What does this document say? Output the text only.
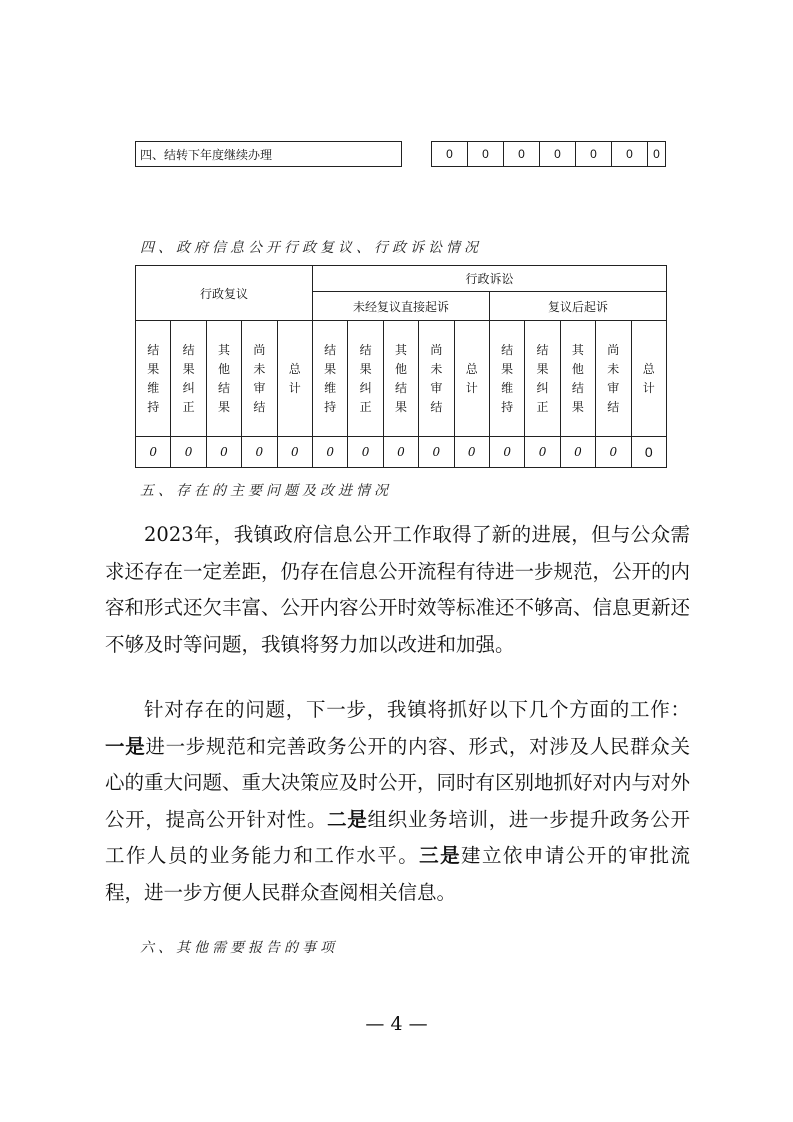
四、结转下年度继续办理		0	0	0	0	0	0	0

四、政府信息公开行政复议、行政诉讼情况

行政复议					行政诉讼									
					未经复议直接起诉					复议后起诉				

结
果
维
持	结
果
纠
正	其
他
结
果	尚
未
审
结	总
计	结
果
维
持	结
果
纠
正	其
他
结
果	尚
未
审
结	总
计	结
果
维
持	结
果
纠
正	其
他
结
果	尚
未
审
结	总
计

0	0	0	0	0	0	0	0	0	0	0	0	0	0	0

五、存在的主要问题及改进情况

2023年，我镇政府信息公开工作取得了新的进展，但与公众需求还存在一定差距，仍存在信息公开流程有待进一步规范，公开的内容和形式还欠丰富、公开内容公开时效等标准还不够高、信息更新还不够及时等问题，我镇将努力加以改进和加强。

针对存在的问题，下一步，我镇将抓好以下几个方面的工作：一是进一步规范和完善政务公开的内容、形式，对涉及人民群众关心的重大问题、重大决策应及时公开，同时有区别地抓好对内与对外公开，提高公开针对性。二是组织业务培训，进一步提升政务公开工作人员的业务能力和工作水平。三是建立依申请公开的审批流程，进一步方便人民群众查阅相关信息。

六、其他需要报告的事项

— 4 —
